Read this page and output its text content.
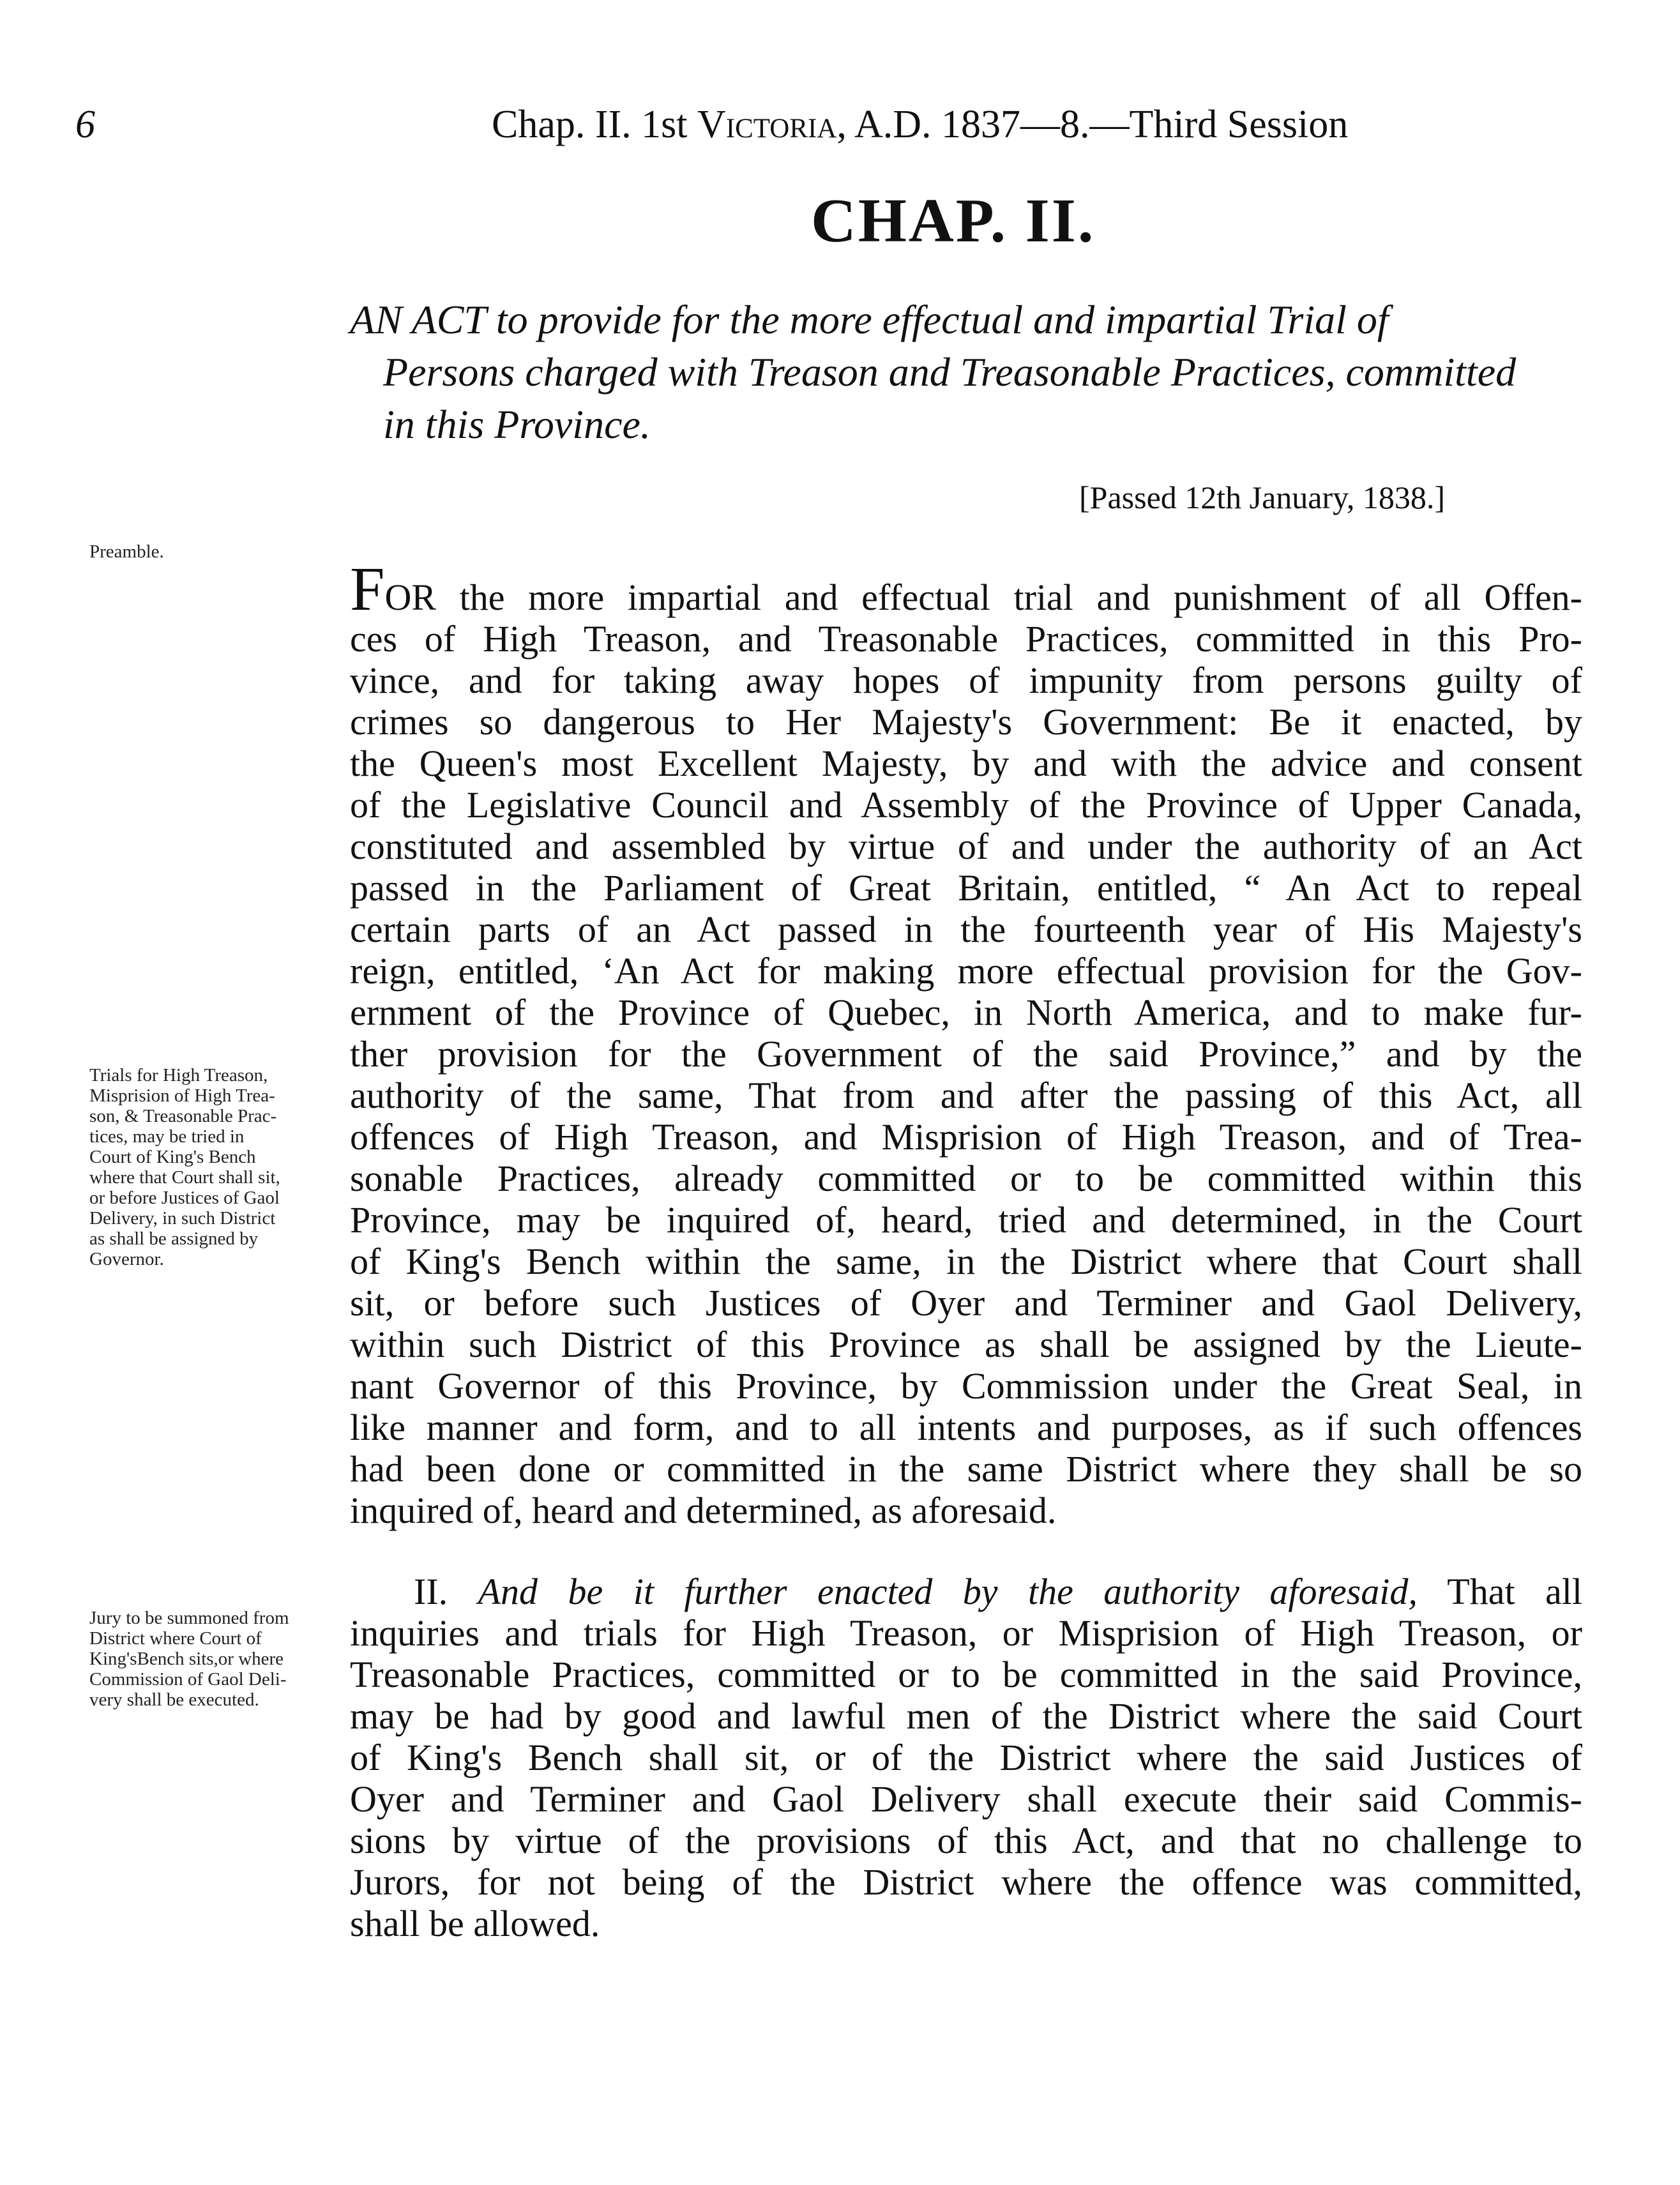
6	Chap. II. 1st Victoria, A.D. 1837—8.—Third Session
CHAP. II.
AN ACT to provide for the more effectual and impartial Trial of
Persons charged with Treason and Treasonable Practices, committed
in this Province.
[Passed 12th January, 1838.]
Preamble.
Trials for High Treason,
Misprision of High Trea-
son, & Treasonable Prac-
tices, may be tried in
Court of King's Bench
where that Court shall sit,
or before Justices of Gaol
Delivery, in such District
as shall be assigned by
Governor.
Jury to be summoned from
District where Court of
King'sBench sits,or where
Commission of Gaol Deli-
very shall be executed.
FOR the more impartial and effectual trial and punishment of all Offen-
ces of High Treason, and Treasonable Practices, committed in this Pro-
vince, and for taking away hopes of impunity from persons guilty of
crimes so dangerous to Her Majesty's Government: Be it enacted, by
the Queen's most Excellent Majesty, by and with the advice and consent
of the Legislative Council and Assembly of the Province of Upper Canada,
constituted and assembled by virtue of and under the authority of an Act
passed in the Parliament of Great Britain, entitled, “ An Act to repeal
certain parts of an Act passed in the fourteenth year of His Majesty's
reign, entitled, ‘An Act for making more effectual provision for the Gov-
ernment of the Province of Quebec, in North America, and to make fur-
ther provision for the Government of the said Province,” and by the
authority of the same, That from and after the passing of this Act, all
offences of High Treason, and Misprision of High Treason, and of Trea-
sonable Practices, already committed or to be committed within this
Province, may be inquired of, heard, tried and determined, in the Court
of King's Bench within the same, in the District where that Court shall
sit, or before such Justices of Oyer and Terminer and Gaol Delivery,
within such District of this Province as shall be assigned by the Lieute-
nant Governor of this Province, by Commission under the Great Seal, in
like manner and form, and to all intents and purposes, as if such offences
had been done or committed in the same District where they shall be so
inquired of, heard and determined, as aforesaid.
II. And be it further enacted by the authority aforesaid, That all
inquiries and trials for High Treason, or Misprision of High Treason, or
Treasonable Practices, committed or to be committed in the said Province,
may be had by good and lawful men of the District where the said Court
of King's Bench shall sit, or of the District where the said Justices of
Oyer and Terminer and Gaol Delivery shall execute their said Commis-
sions by virtue of the provisions of this Act, and that no challenge to
Jurors, for not being of the District where the offence was committed,
shall be allowed.
